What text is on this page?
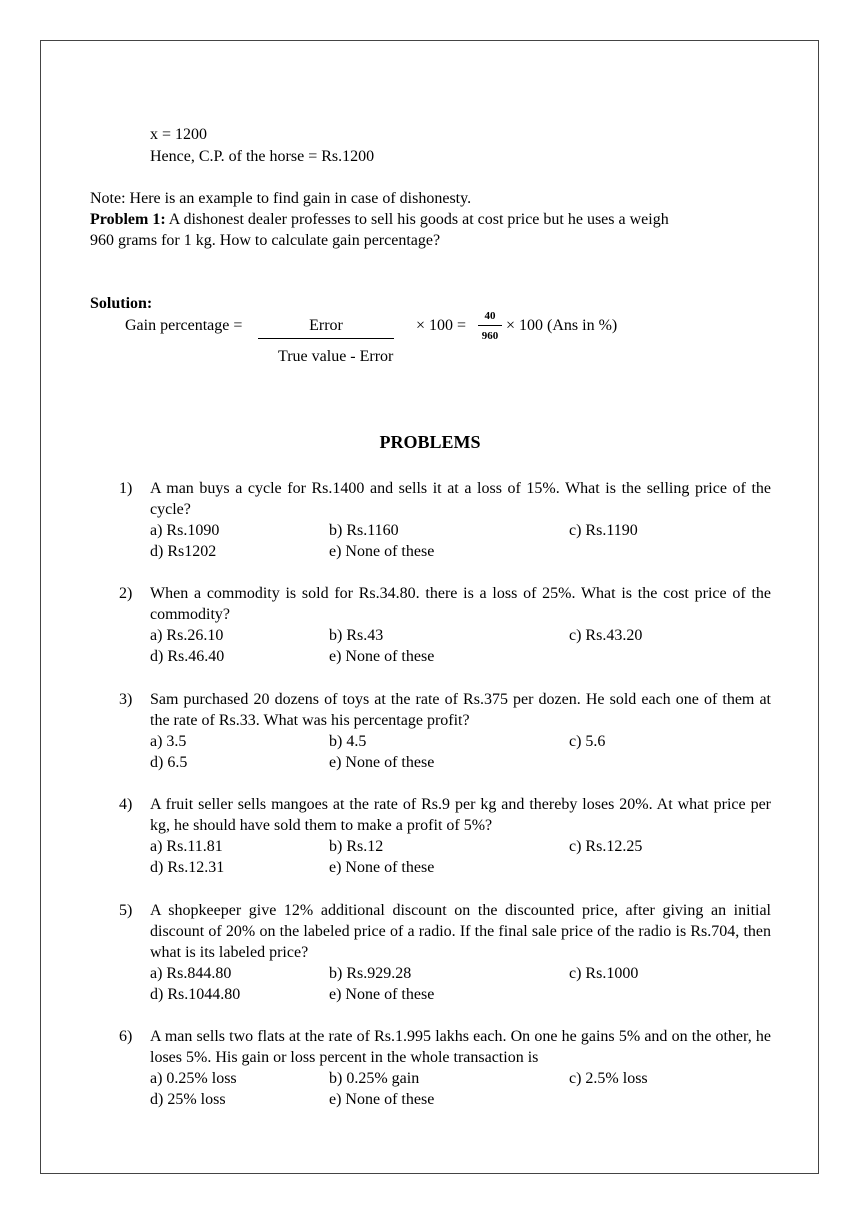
x = 1200
Hence, C.P. of the horse = Rs.1200
Note: Here is an example to find gain in case of dishonesty.
Problem 1: A dishonest dealer professes to sell his goods at cost price but he uses a weigh
960 grams for 1 kg. How to calculate gain percentage?
Solution:
Gain percentage =	Error
True value - Error
× 100 =
40
960
× 100 (Ans in %)
PROBLEMS
1)	A man buys a cycle for Rs.1400 and sells it at a loss of 15%. What is the selling price of the cycle?
a) Rs.1090	b) Rs.1160	c) Rs.1190
d) Rs1202	e) None of these
2)	When a commodity is sold for Rs.34.80. there is a loss of 25%. What is the cost price of the commodity?
a) Rs.26.10	b) Rs.43	c) Rs.43.20
d) Rs.46.40	e) None of these
3)	Sam purchased 20 dozens of toys at the rate of Rs.375 per dozen. He sold each one of them at the rate of Rs.33. What was his percentage profit?
a) 3.5	b) 4.5	c) 5.6
d) 6.5	e) None of these
4)	A fruit seller sells mangoes at the rate of Rs.9 per kg and thereby loses 20%. At what price per kg, he should have sold them to make a profit of 5%?
a) Rs.11.81	b) Rs.12	c) Rs.12.25
d) Rs.12.31	e) None of these
5)	A shopkeeper give 12% additional discount on the discounted price, after giving an initial discount of 20% on the labeled price of a radio. If the final sale price of the radio is Rs.704, then what is its labeled price?
a) Rs.844.80	b) Rs.929.28	c) Rs.1000
d) Rs.1044.80	e) None of these
6)	A man sells two flats at the rate of Rs.1.995 lakhs each. On one he gains 5% and on the other, he loses 5%. His gain or loss percent in the whole transaction is
a) 0.25% loss	b) 0.25% gain	c) 2.5% loss
d) 25% loss	e) None of these
